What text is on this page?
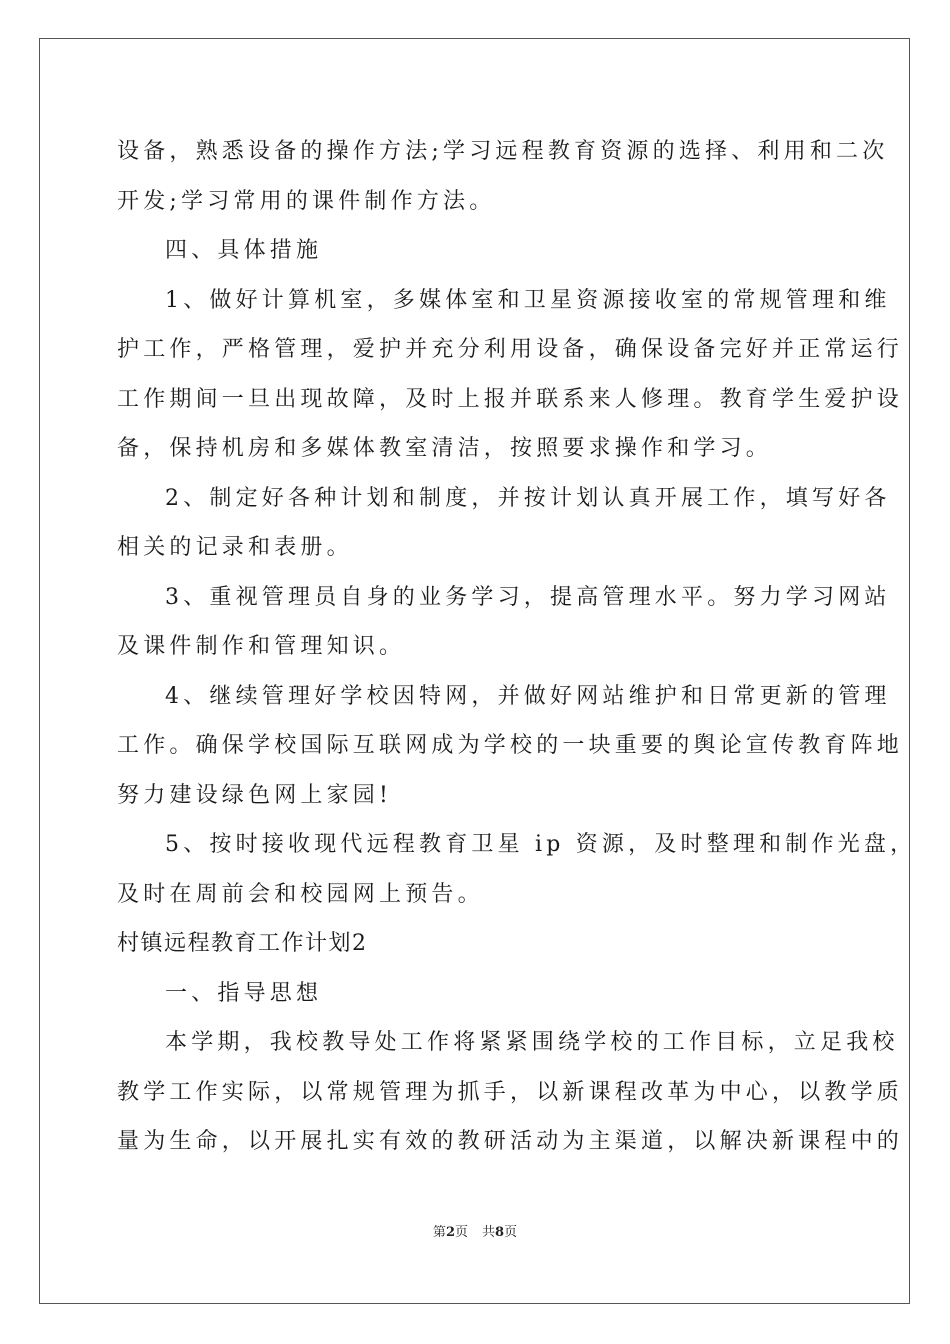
设备，熟悉设备的操作方法;学习远程教育资源的选择、利用和二次
开发;学习常用的课件制作方法。
四、具体措施
1、做好计算机室，多媒体室和卫星资源接收室的常规管理和维
护工作，严格管理，爱护并充分利用设备，确保设备完好并正常运行
工作期间一旦出现故障，及时上报并联系来人修理。教育学生爱护设
备，保持机房和多媒体教室清洁，按照要求操作和学习。
2、制定好各种计划和制度，并按计划认真开展工作，填写好各
相关的记录和表册。
3、重视管理员自身的业务学习，提高管理水平。努力学习网站
及课件制作和管理知识。
4、继续管理好学校因特网，并做好网站维护和日常更新的管理
工作。确保学校国际互联网成为学校的一块重要的舆论宣传教育阵地
努力建设绿色网上家园!
5、按时接收现代远程教育卫星 ip 资源，及时整理和制作光盘，
及时在周前会和校园网上预告。
村镇远程教育工作计划2
一、指导思想
本学期，我校教导处工作将紧紧围绕学校的工作目标，立足我校
教学工作实际，以常规管理为抓手，以新课程改革为中心，以教学质
量为生命，以开展扎实有效的教研活动为主渠道，以解决新课程中的
第2页 共8页
